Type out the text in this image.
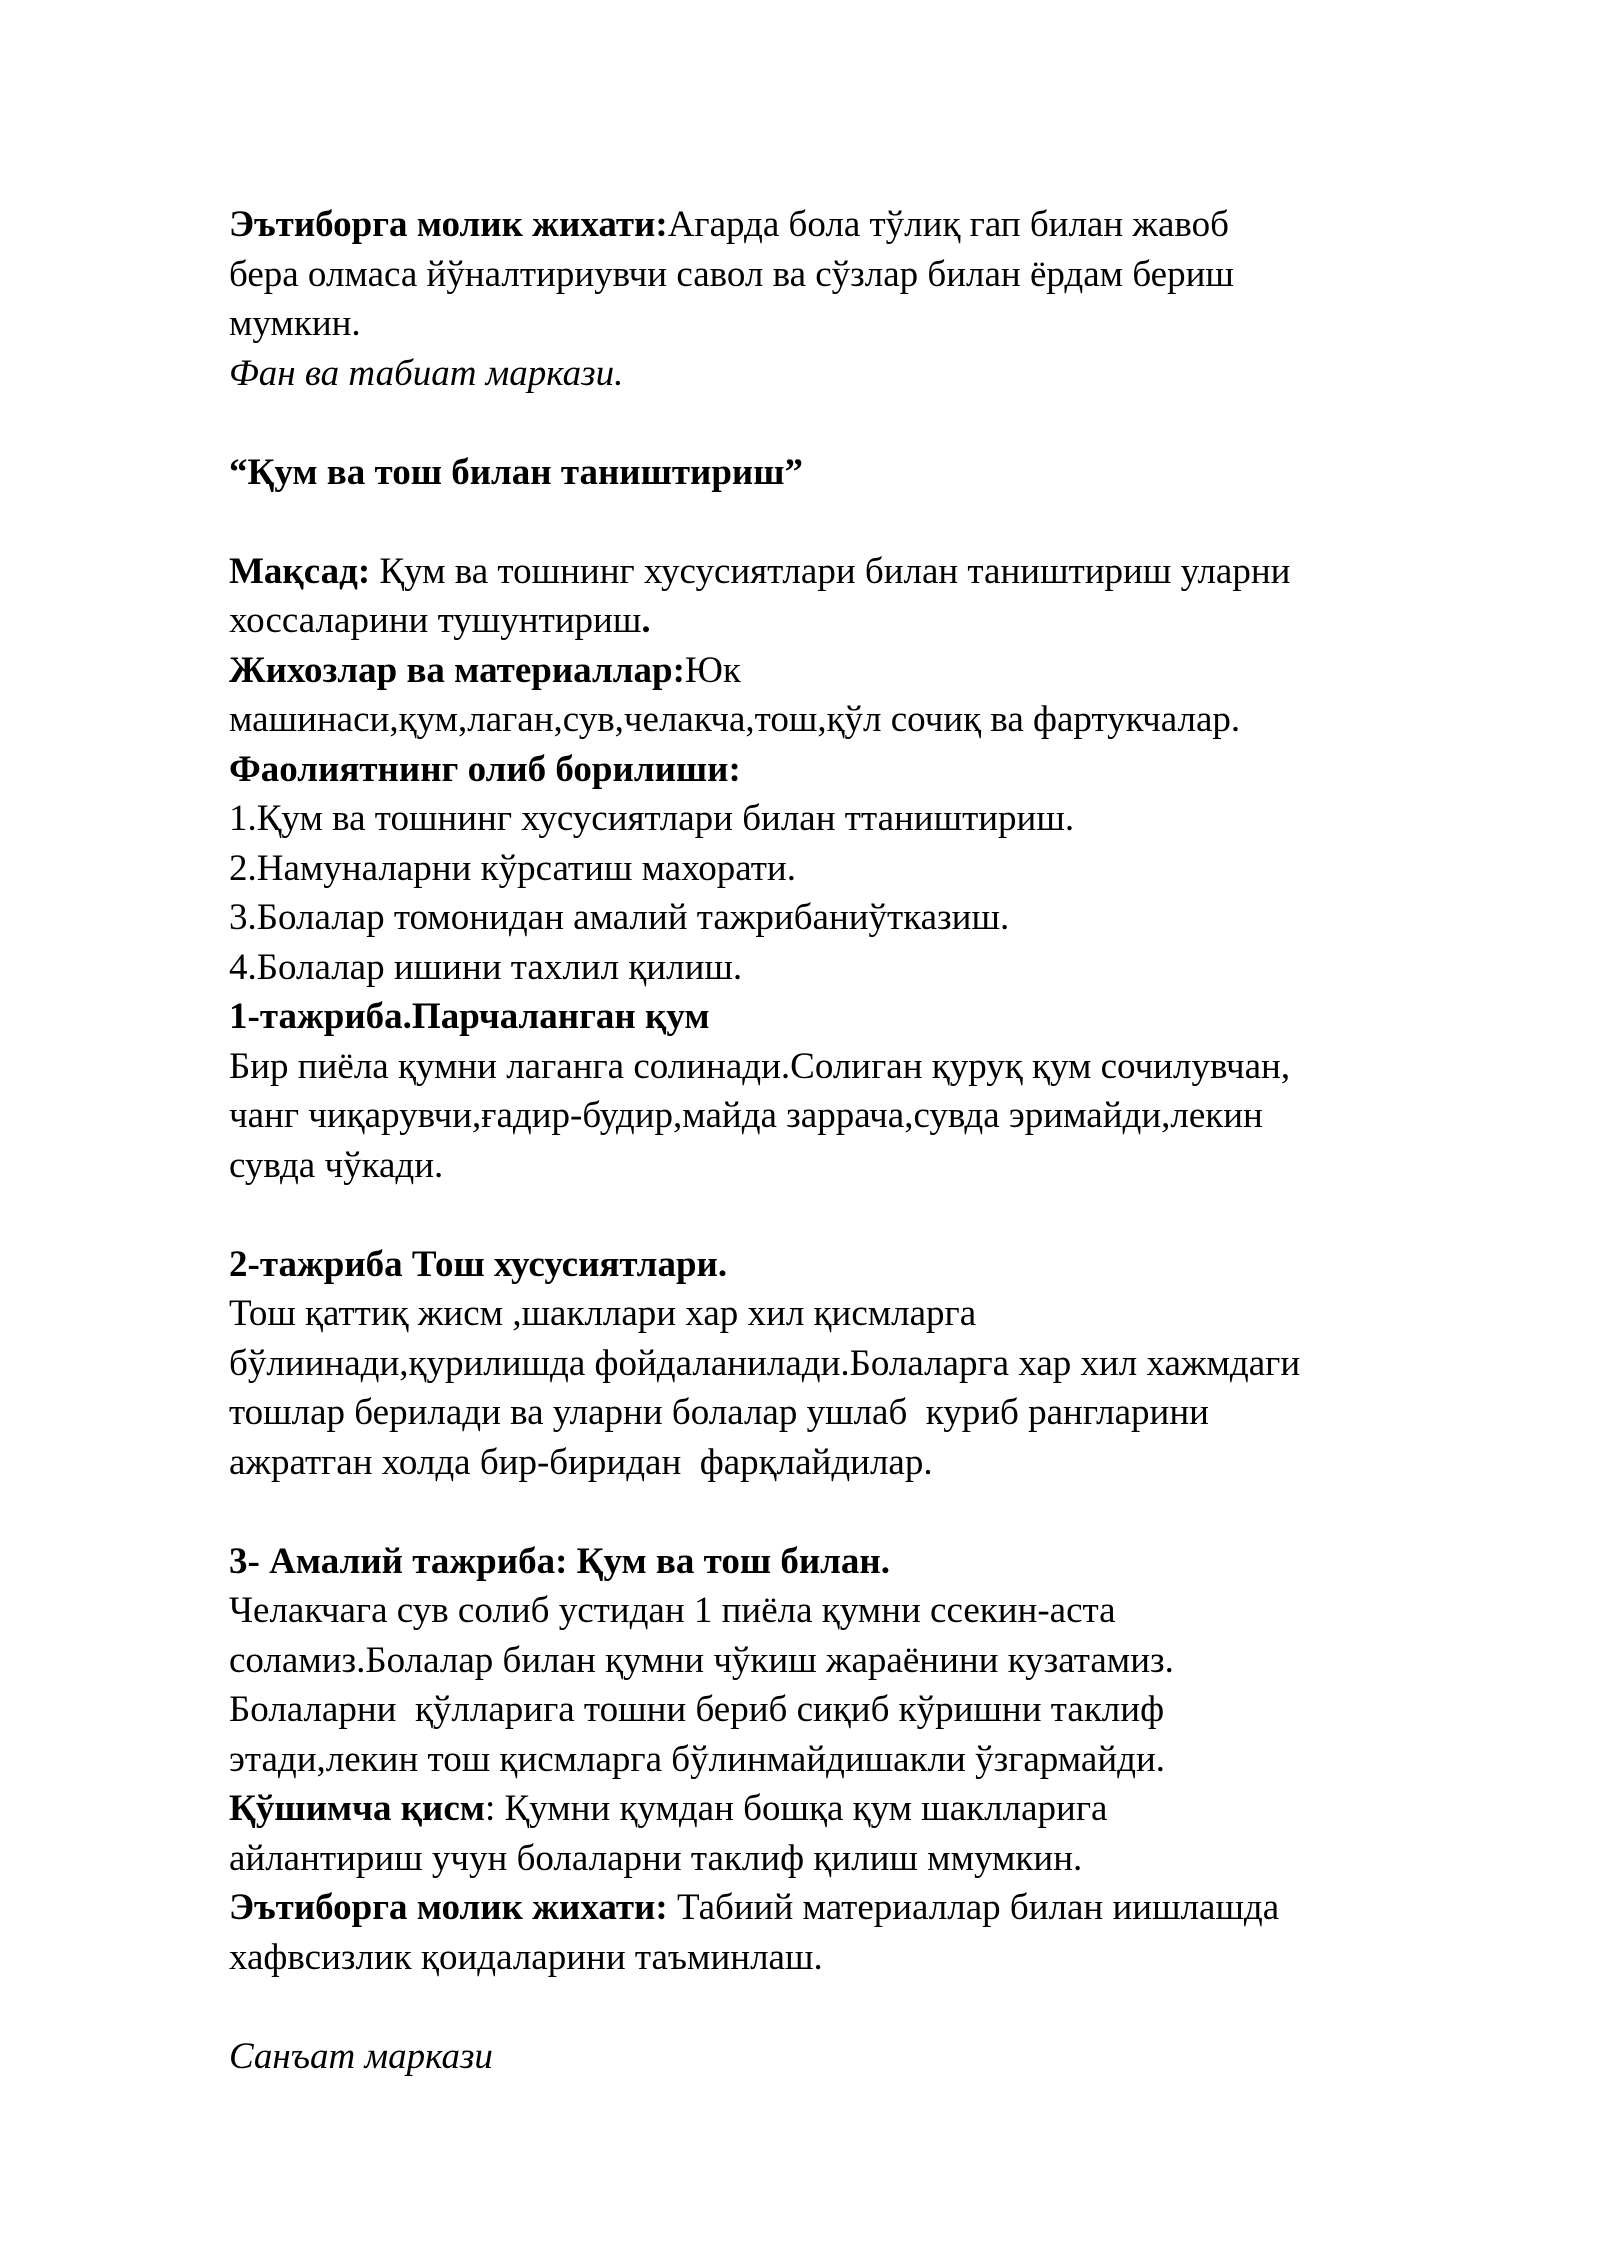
Эътиборга молик жихати:Агарда бола тўлиқ гап билан жавоб
бера олмаса йўналтириувчи савол ва сўзлар билан ёрдам бериш
мумкин.
Фан ва табиат маркази.
“Қум ва тош билан таништириш”
Мақсад: Қум ва тошнинг хусусиятлари билан таништириш уларни
хоссаларини тушунтириш.
Жихозлар ва материаллар:Юк
машинаси,қум,лаган,сув,челакча,тош,қўл сочиқ ва фартукчалар.
Фаолиятнинг олиб борилиши:
1.Қум ва тошнинг хусусиятлари билан ттаништириш.
2.Намуналарни кўрсатиш махорати.
3.Болалар томонидан амалий тажрибаниўтказиш.
4.Болалар ишини тахлил қилиш.
1-тажриба.Парчаланган қум
Бир пиёла қумни лаганга солинади.Солиган қуруқ қум сочилувчан,
чанг чиқарувчи,ғадир-будир,майда заррача,сувда эримайди,лекин
сувда чўкади.
2-тажриба Тош хусусиятлари.
Тош қаттиқ жисм ,шакллари хар хил қисмларга
бўлиинади,қурилишда фойдаланилади.Болаларга хар хил хажмдаги
тошлар берилади ва уларни болалар ушлаб  куриб рангларини
ажратган холда бир-биридан  фарқлайдилар.
3- Амалий тажриба: Қум ва тош билан.
Челакчага сув солиб устидан 1 пиёла қумни ссекин-аста
соламиз.Болалар билан қумни чўкиш жараёнини кузатамиз.
Болаларни  қўлларига тошни бериб сиқиб кўришни таклиф
этади,лекин тош қисмларга бўлинмайдишакли ўзгармайди.
Қўшимча қисм: Қумни қумдан бошқа қум шаклларига
айлантириш учун болаларни таклиф қилиш ммумкин.
Эътиборга молик жихати: Табиий материаллар билан иишлашда
хафвсизлик қоидаларини таъминлаш.
Санъат маркази
